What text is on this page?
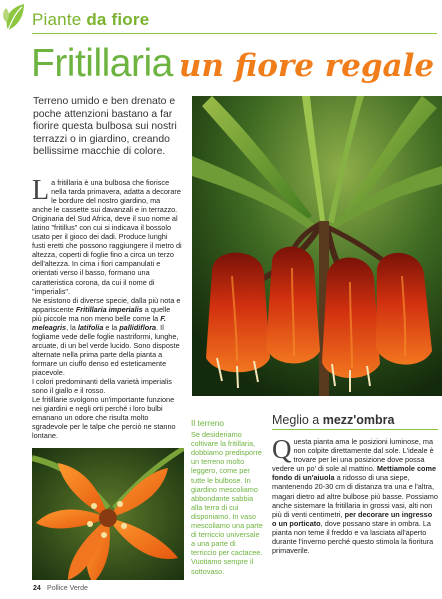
Piante da fiore
Fritillaria un fiore regale
Terreno umido e ben drenato e poche attenzioni bastano a far fiorire questa bulbosa sui nostri terrazzi o in giardino, creando bellissime macchie di colore.
L a fritillaria è una bulbosa che fiorisce nella tarda primavera, adatta a decorare le bordure del nostro giardino, ma anche le cassette sui davanzali e in terrazzo. Originaria del Sud Africa, deve il suo nome al latino "fritillus" con cui si indicava il bossolo usato per il gioco dei dadi. Produce lunghi fusti eretti che possono raggiungere il metro di altezza, coperti di foglie fino a circa un terzo dell'altezza. In cima i fiori campanulati e orientati verso il basso, formano una caratteristica corona, da cui il nome di "imperialis".

Ne esistono di diverse specie, dalla più nota e appariscente Fritillaria imperialis a quelle più piccole ma non meno belle come la F. meleagris, la latifolia e la pallidiflora. Il fogliame vede delle foglie nastriformi, lunghe, arcuate, di un bel verde lucido. Sono disposte alternate nella prima parte della pianta a formare un ciuffo denso ed esteticamente piacevole.

I colori predominanti della varietà imperialis sono il giallo e il rosso.

Le fritillarie svolgono un'importante funzione nei giardini e negli orti perché i loro bulbi emanano un odore che risulta molto sgradevole per le talpe che perciò ne stanno lontane.

Il terreno
Se desideriamo coltivare la fritillaria, dobbiamo predisporre un terreno molto leggero, come per tutte le bulbose. In giardino mescoliamo abbondante sabbia alla terra di cui disponiamo. In vaso mescoliamo una parte di terriccio universale a una parte di terriccio per cactacee. Vuotiamo sempre il sottovaso.
Meglio a mezz'ombra
Questa pianta ama le posizioni luminose, ma non colpite direttamente dal sole. L'ideale è trovare per lei una posizione dove possa vedere un po' di sole al mattino. Mettiamole come fondo di un'aiuola a ridosso di una siepe, mantenendo 20-30 cm di distanza tra una e l'altra, magari dietro ad altre bulbose più basse. Possiamo anche sistemare la fritillaria in grossi vasi, alti non più di venti centimetri, per decorare un ingresso o un porticato, dove possano stare in ombra. La pianta non teme il freddo e va lasciata all'aperto durante l'inverno perché questo stimola la fioritura primaverile.
24 · Pollice Verde
